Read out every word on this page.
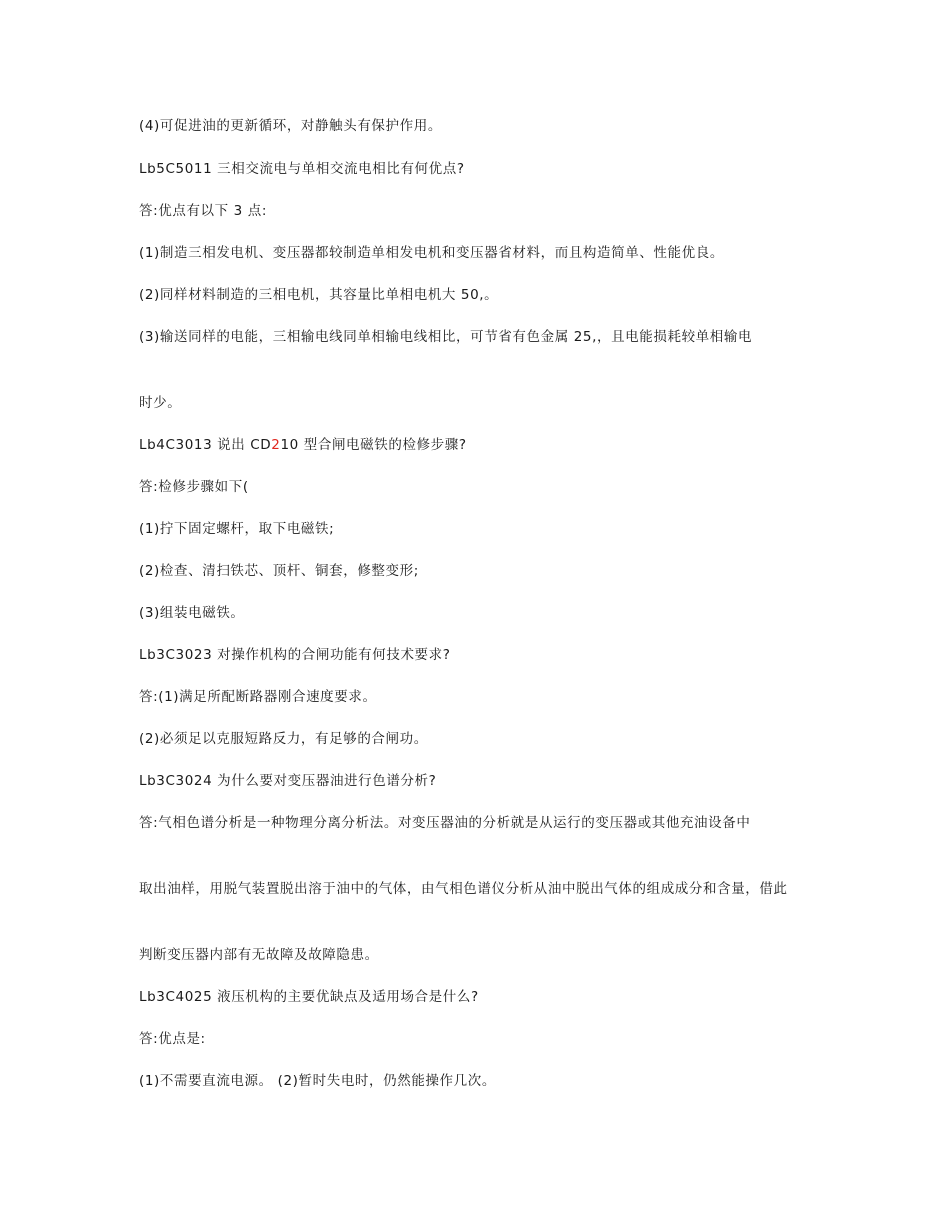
(4)可促进油的更新循环，对静触头有保护作用。
Lb5C5011 三相交流电与单相交流电相比有何优点?
答:优点有以下 3 点:
(1)制造三相发电机、变压器都较制造单相发电机和变压器省材料，而且构造简单、性能优良。
(2)同样材料制造的三相电机，其容量比单相电机大 50,。
(3)输送同样的电能，三相输电线同单相输电线相比，可节省有色金属 25,，且电能损耗较单相输电
时少。
Lb4C3013 说出 CD210 型合闸电磁铁的检修步骤?
答:检修步骤如下(
(1)拧下固定螺杆，取下电磁铁;
(2)检查、清扫铁芯、顶杆、铜套，修整变形;
(3)组装电磁铁。
Lb3C3023 对操作机构的合闸功能有何技术要求?
答:(1)满足所配断路器刚合速度要求。
(2)必须足以克服短路反力，有足够的合闸功。
Lb3C3024 为什么要对变压器油进行色谱分析?
答:气相色谱分析是一种物理分离分析法。对变压器油的分析就是从运行的变压器或其他充油设备中
取出油样，用脱气装置脱出溶于油中的气体，由气相色谱仪分析从油中脱出气体的组成成分和含量，借此
判断变压器内部有无故障及故障隐患。
Lb3C4025 液压机构的主要优缺点及适用场合是什么?
答:优点是:
(1)不需要直流电源。 (2)暂时失电时，仍然能操作几次。
